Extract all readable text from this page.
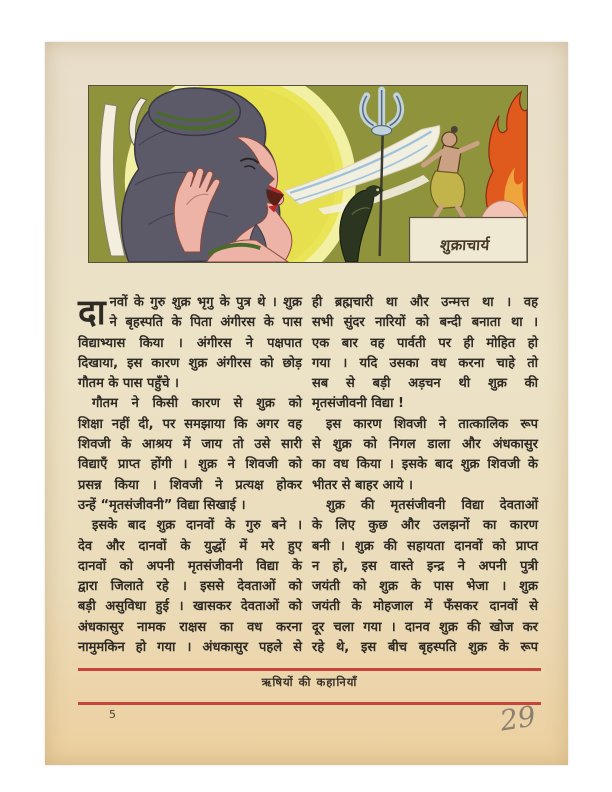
शुक्राचार्य
दा नवों के गुरु शुक्र भृगु के पुत्र थे । शुक्र
ने बृहस्पति के पिता अंगीरस के पास
विद्याभ्यास किया । अंगीरस ने पक्षपात
दिखाया, इस कारण शुक्र अंगीरस को छोड़
गौतम के पास पहुँचे ।
गौतम ने किसी कारण से शुक्र को
शिक्षा नहीं दी, पर समझाया कि अगर वह
शिवजी के आश्रय में जाय तो उसे सारी
विद्याएँ प्राप्त होंगी । शुक्र ने शिवजी को
प्रसन्न किया । शिवजी ने प्रत्यक्ष होकर
उन्हें “मृतसंजीवनी” विद्या सिखाई ।
इसके बाद शुक्र दानवों के गुरु बने ।
देव और दानवों के युद्धों में मरे हुए
दानवों को अपनी मृतसंजीवनी विद्या के
द्वारा जिलाते रहे । इससे देवताओं को
बड़ी असुविधा हुई । खासकर देवताओं को
अंधकासुर नामक राक्षस का वध करना
नामुमकिन हो गया । अंधकासुर पहले से
ही ब्रह्मचारी था और उन्मत्त था । वह
सभी सुंदर नारियों को बन्दी बनाता था ।
एक बार वह पार्वती पर ही मोहित हो
गया । यदि उसका वध करना चाहे तो
सब से बड़ी अड़चन थी शुक्र की
मृतसंजीवनी विद्या !
इस कारण शिवजी ने तात्कालिक रूप
से शुक्र को निगल डाला और अंधकासुर
का वध किया । इसके बाद शुक्र शिवजी के
भीतर से बाहर आये ।
शुक्र की मृतसंजीवनी विद्या देवताओं
के लिए कुछ और उलझनों का कारण
बनी । शुक्र की सहायता दानवों को प्राप्त
न हो, इस वास्ते इन्द्र ने अपनी पुत्री
जयंती को शुक्र के पास भेजा । शुक्र
जयंती के मोहजाल में फँसकर दानवों से
दूर चला गया । दानव शुक्र की खोज कर
रहे थे, इस बीच बृहस्पति शुक्र के रूप
ऋषियों की कहानियाँ
5	29
